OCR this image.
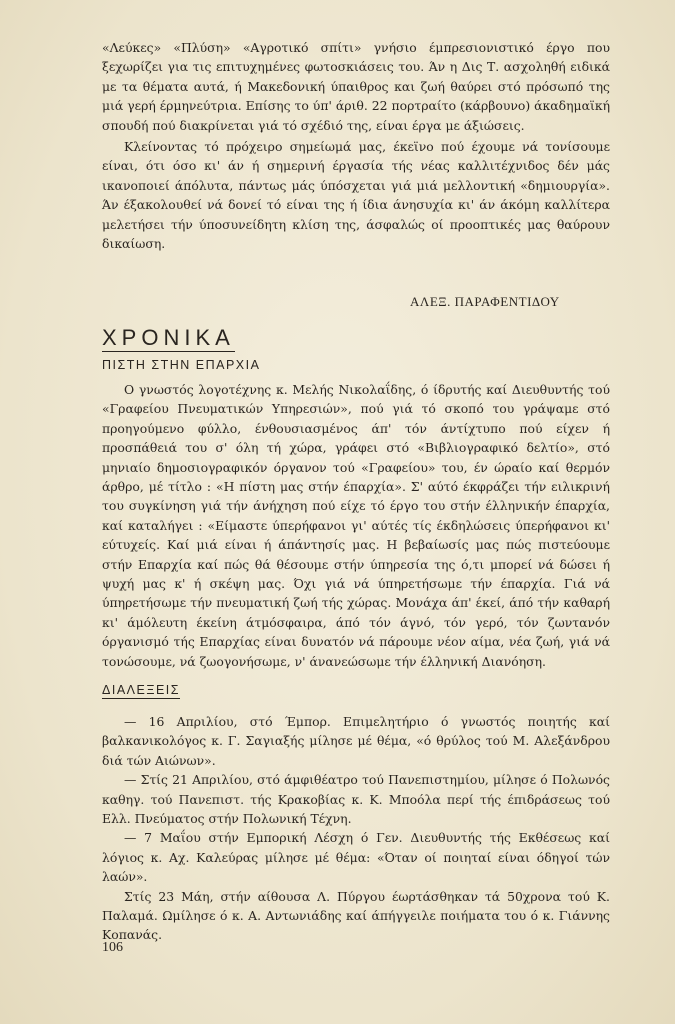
«Λεύκες» «Πλύση» «Αγροτικό σπίτι» γνήσιο έμπρεσιονιστικό έργο που ξεχωρίζει για τις επιτυχημένες φωτοσκιάσεις του. Άν η Δις Τ. ασχοληθή ειδικά με τα θέματα αυτά, ή Μακεδονική ύπαιθρος και ζωή θαύρει στό πρόσωπό της μιά γερή έρμηνεύτρια. Επίσης το ύπ' άριθ. 22 πορτραίτο (κάρβουνο) άκαδημαϊκή σπουδή πού διακρίνεται γιά τό σχέδιό της, είναι έργα με άξιώσεις.

Κλείνοντας τό πρόχειρο σημείωμά μας, έκεϊνο πού έχουμε νά τονίσουμε είναι, ότι όσο κι' άν ή σημερινή έργασία τής νέας καλλιτέχνιδος δέν μάς ικανοποιεί άπόλυτα, πάντως μάς ύπόσχεται γιά μιά μελλοντική «δημιουργία». Άν έξακολουθεί νά δονεί τό είναι της ή ίδια άνησυχία κι' άν άκόμη καλλίτερα μελετήσει τήν ύποσυνείδητη κλίση της, άσφαλώς οί προοπτικές μας θαύρουν δικαίωση.

ΑΛΕΞ. ΠΑΡΑΦΕΝΤΙΔΟΥ
ΧΡΟΝΙΚΑ
ΠΙΣΤΗ ΣΤΗΝ ΕΠΑΡΧΙΑ

Ο γνωστός λογοτέχνης κ. Μελής Νικολαΐδης, ό ίδρυτής καί Διευθυντής τού «Γραφείου Πνευματικών Υπηρεσιών», πού γιά τό σκοπό του γράψαμε στό προηγούμενο φύλλο, ένθουσιασμένος άπ' τόν άντίχτυπο πού είχεν ή προσπάθειά του σ' όλη τή χώρα, γράφει στό «Βιβλιογραφικό δελτίο», στό μηνιαίο δημοσιογραφικόν όργανον τού «Γραφείου» του, έν ώραίο καί θερμόν άρθρο, μέ τίτλο : «Η πίστη μας στήν έπαρχία». Σ' αύτό έκφράζει τήν ειλικρινή του συγκίνηση γιά τήν άνήχηση πού είχε τό έργο του στήν έλληνικήν έπαρχία, καί καταλήγει : «Είμαστε ύπερήφανοι γι' αύτές τίς έκδηλώσεις ύπερήφανοι κι' εύτυχείς. Καί μιά είναι ή άπάντησίς μας. Η βεβαίωσίς μας πώς πιστεύουμε στήν Επαρχία καί πώς θά θέσουμε στήν ύπηρεσία της ό,τι μπορεί νά δώσει ή ψυχή μας κ' ή σκέψη μας. Όχι γιά νά ύπηρετήσωμε τήν έπαρχία. Γιά νά ύπηρετήσωμε τήν πνευματική ζωή τής χώρας. Μονάχα άπ' έκεί, άπό τήν καθαρή κι' άμόλευτη έκείνη άτμόσφαιρα, άπό τόν άγνό, τόν γερό, τόν ζωντανόν όργανισμό τής Επαρχίας είναι δυνατόν νά πάρουμε νέον αίμα, νέα ζωή, γιά νά τονώσουμε, νά ζωογονήσωμε, ν' άνανεώσωμε τήν έλληνική Διανόηση.

ΔΙΑΛΕΞΕΙΣ

— 16 Απριλίου, στό Έμπορ. Επιμελητήριο ό γνωστός ποιητής καί βαλκανικολόγος κ. Γ. Σαγιαξής μίλησε μέ θέμα, «ό θρύλος τού Μ. Αλεξάνδρου διά τών Αιώνων».

— Στίς 21 Απριλίου, στό άμφιθέατρο τού Πανεπιστημίου, μίλησε ό Πολωνός καθηγ. τού Πανεπιστ. τής Κρακοβίας κ. Κ. Μποόλα περί τής έπιδράσεως τού Ελλ. Πνεύματος στήν Πολωνική Τέχνη.

— 7 Μαΐου στήν Εμπορική Λέσχη ό Γεν. Διευθυντής τής Εκθέσεως καί λόγιος κ. Αχ. Καλεύρας μίλησε μέ θέμα: «Όταν οί ποιηταί είναι όδηγοί τών λαών».

Στίς 23 Μάη, στήν αίθουσα Λ. Πύργου έωρτάσθηκαν τά 50χρονα τού Κ. Παλαμά. Ωμίλησε ό κ. Α. Αντωνιάδης καί άπήγγειλε ποιήματα του ό κ. Γιάννης Κοπανάς.

106
